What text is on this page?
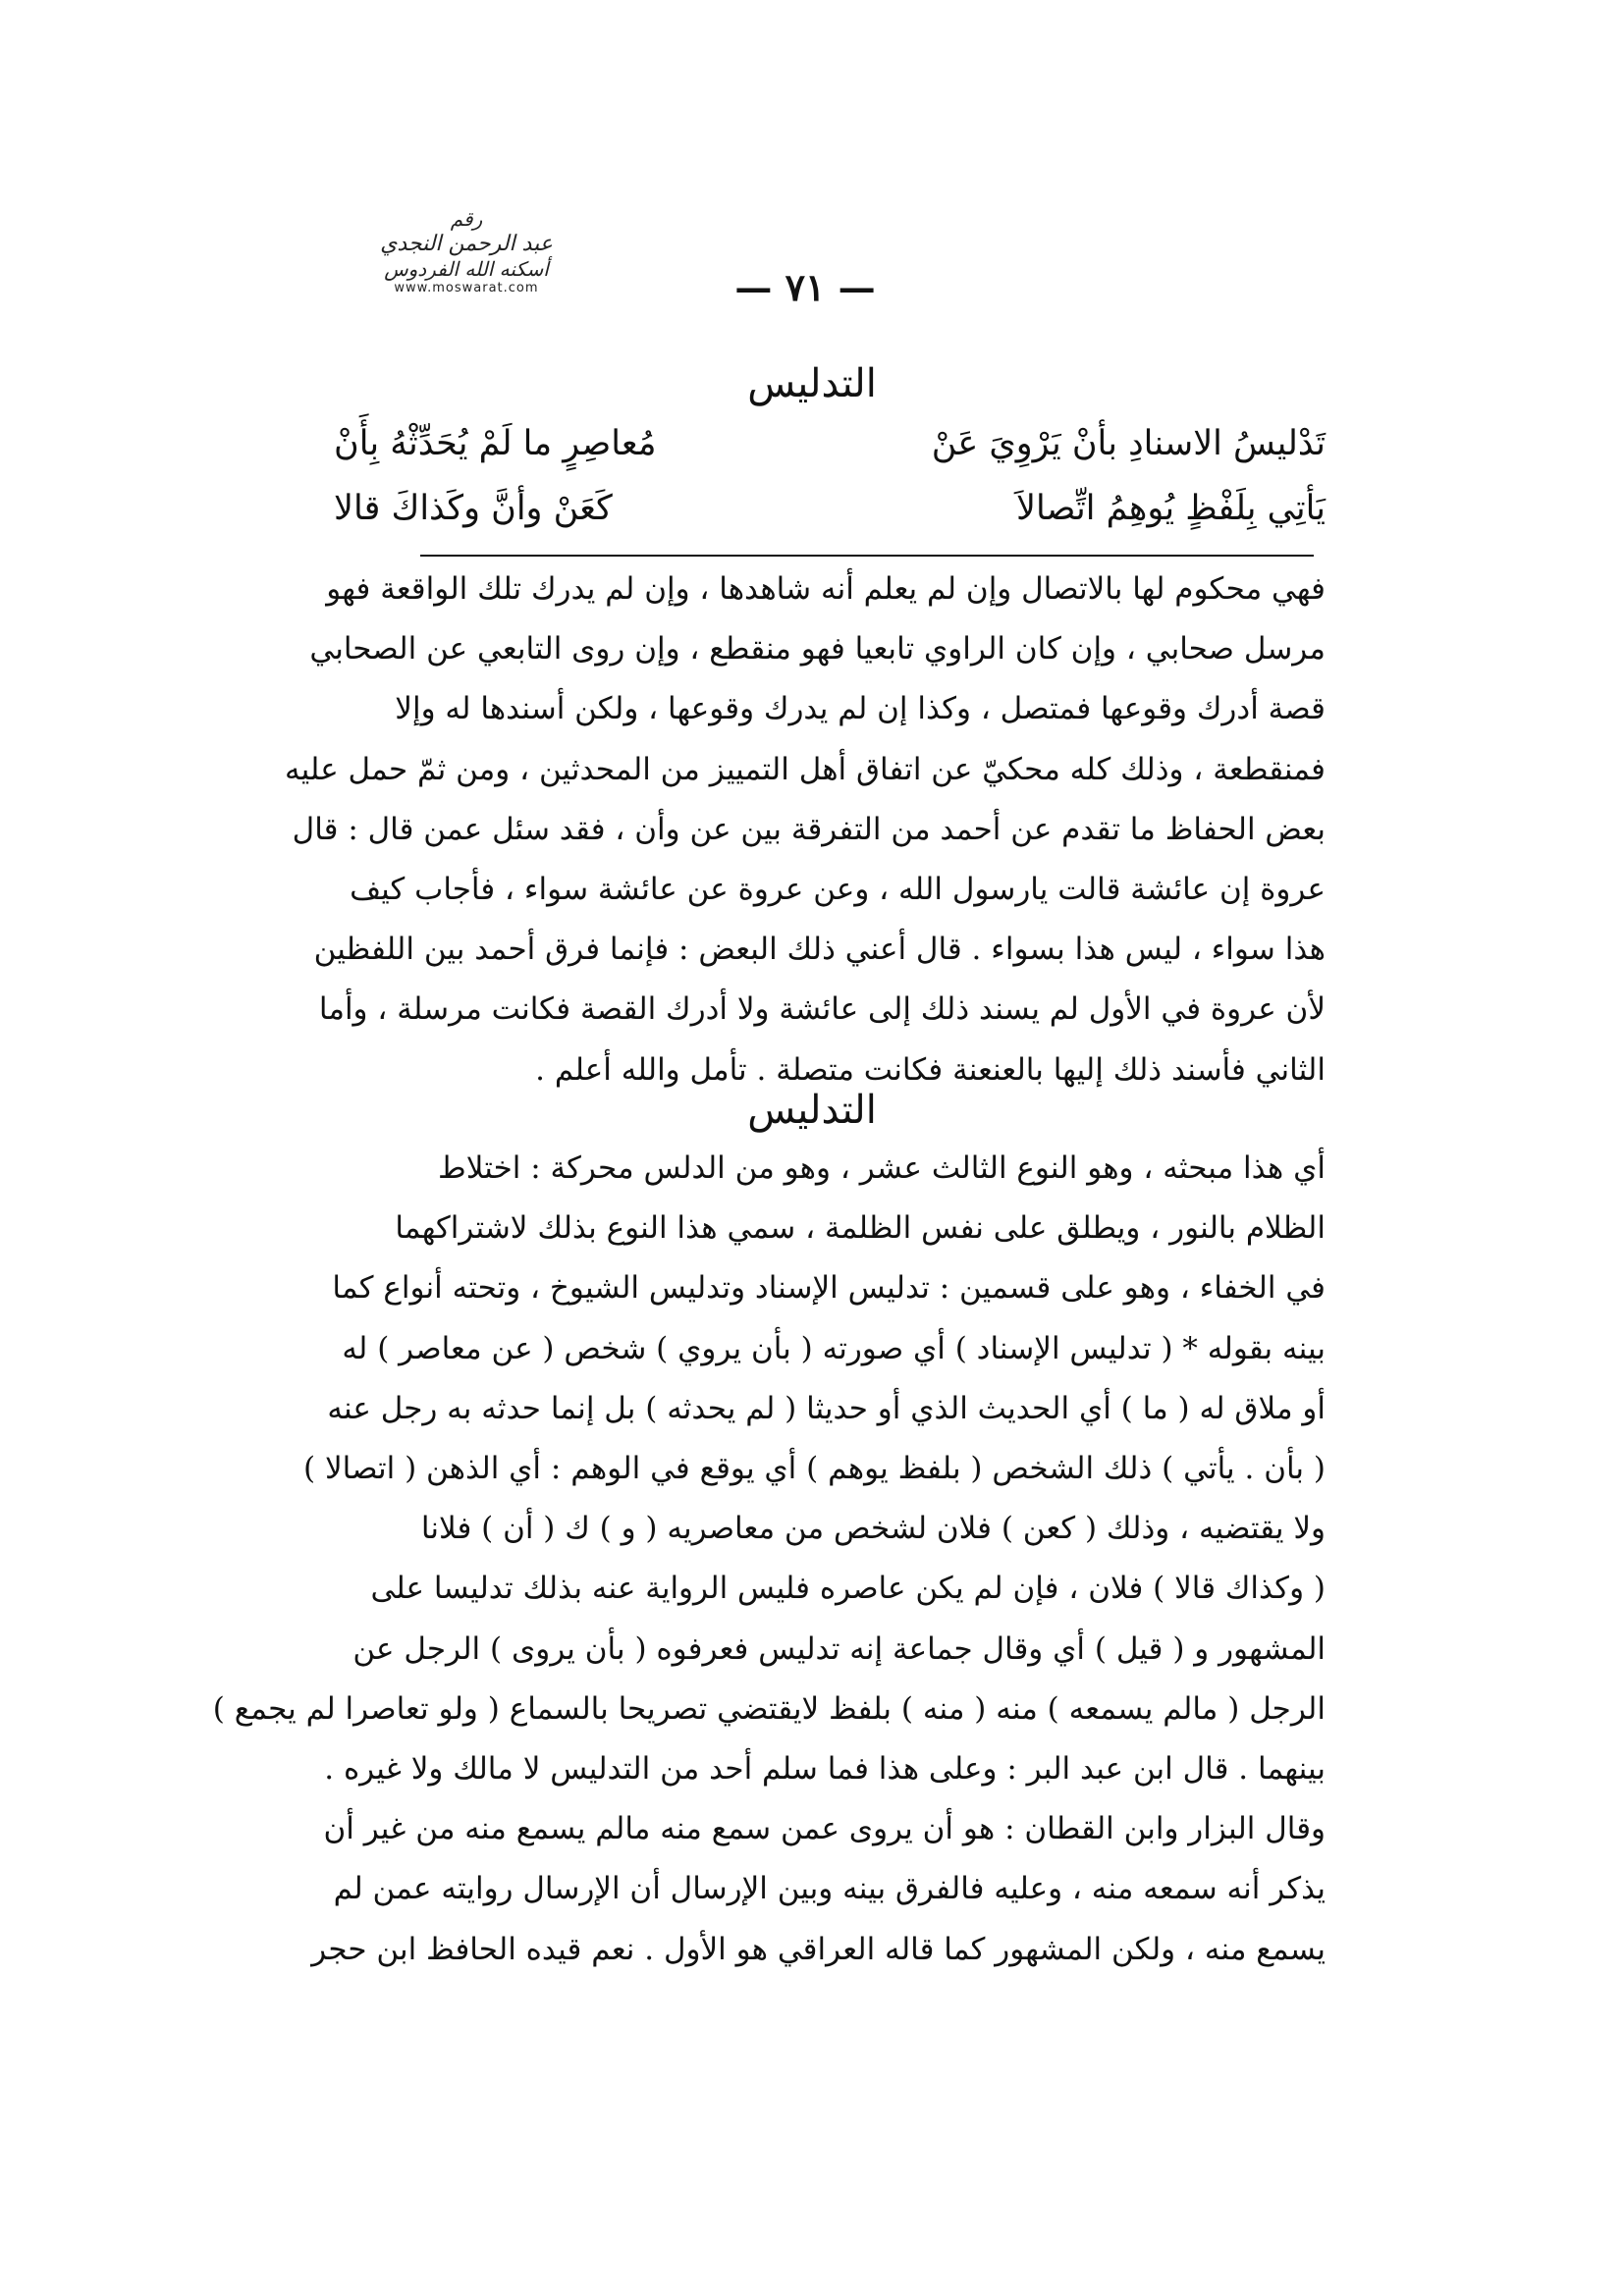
رقم
عبد الرحمن النجدي
أسكنه الله الفردوس
www.moswarat.com	— ٧١ —
التدليس
تَدْليسُ الاسنادِ بأنْ يَرْوِيَ عَنْ
مُعاصِرٍ ما لَمْ يُحَدِّثْهُ بِأَنْ
يَأتِي بِلَفْظٍ يُوهِمُ اتِّصالاَ
كَعَنْ وأنَّ وكَذاكَ قالا
فهي محكوم لها بالاتصال وإن لم يعلم أنه شاهدها ، وإن لم يدرك تلك الواقعة فهو
مرسل صحابي ، وإن كان الراوي تابعيا فهو منقطع ، وإن روى التابعي عن الصحابي
قصة أدرك وقوعها فمتصل ، وكذا إن لم يدرك وقوعها ، ولكن أسندها له وإلا
فمنقطعة ، وذلك كله محكيّ عن اتفاق أهل التمييز من المحدثين ، ومن ثمّ حمل عليه
بعض الحفاظ ما تقدم عن أحمد من التفرقة بين عن وأن ، فقد سئل عمن قال : قال
عروة إن عائشة قالت يارسول الله ، وعن عروة عن عائشة سواء ، فأجاب كيف
هذا سواء ، ليس هذا بسواء . قال أعني ذلك البعض : فإنما فرق أحمد بين اللفظين
لأن عروة في الأول لم يسند ذلك إلى عائشة ولا أدرك القصة فكانت مرسلة ، وأما
الثاني فأسند ذلك إليها بالعنعنة فكانت متصلة . تأمل والله أعلم .
التدليس
أي هذا مبحثه ، وهو النوع الثالث عشر ، وهو من الدلس محركة : اختلاط
الظلام بالنور ، ويطلق على نفس الظلمة ، سمي هذا النوع بذلك لاشتراكهما
في الخفاء ، وهو على قسمين : تدليس الإسناد وتدليس الشيوخ ، وتحته أنواع كما
بينه بقوله * ( تدليس الإسناد ) أي صورته ( بأن يروي ) شخص ( عن معاصر ) له
أو ملاق له ( ما ) أي الحديث الذي أو حديثا ( لم يحدثه ) بل إنما حدثه به رجل عنه
( بأن . يأتي ) ذلك الشخص ( بلفظ يوهم ) أي يوقع في الوهم : أي الذهن ( اتصالا )
ولا يقتضيه ، وذلك ( كعن ) فلان لشخص من معاصريه ( و ) ك ( أن ) فلانا
( وكذاك قالا ) فلان ، فإن لم يكن عاصره فليس الرواية عنه بذلك تدليسا على
المشهور و ( قيل ) أي وقال جماعة إنه تدليس فعرفوه ( بأن يروى ) الرجل عن
الرجل ( مالم يسمعه ) منه ( منه ) بلفظ لايقتضي تصريحا بالسماع ( ولو تعاصرا لم يجمع )
بينهما . قال ابن عبد البر : وعلى هذا فما سلم أحد من التدليس لا مالك ولا غيره .
وقال البزار وابن القطان : هو أن يروى عمن سمع منه مالم يسمع منه من غير أن
يذكر أنه سمعه منه ، وعليه فالفرق بينه وبين الإرسال أن الإرسال روايته عمن لم
يسمع منه ، ولكن المشهور كما قاله العراقي هو الأول . نعم قيده الحافظ ابن حجر
